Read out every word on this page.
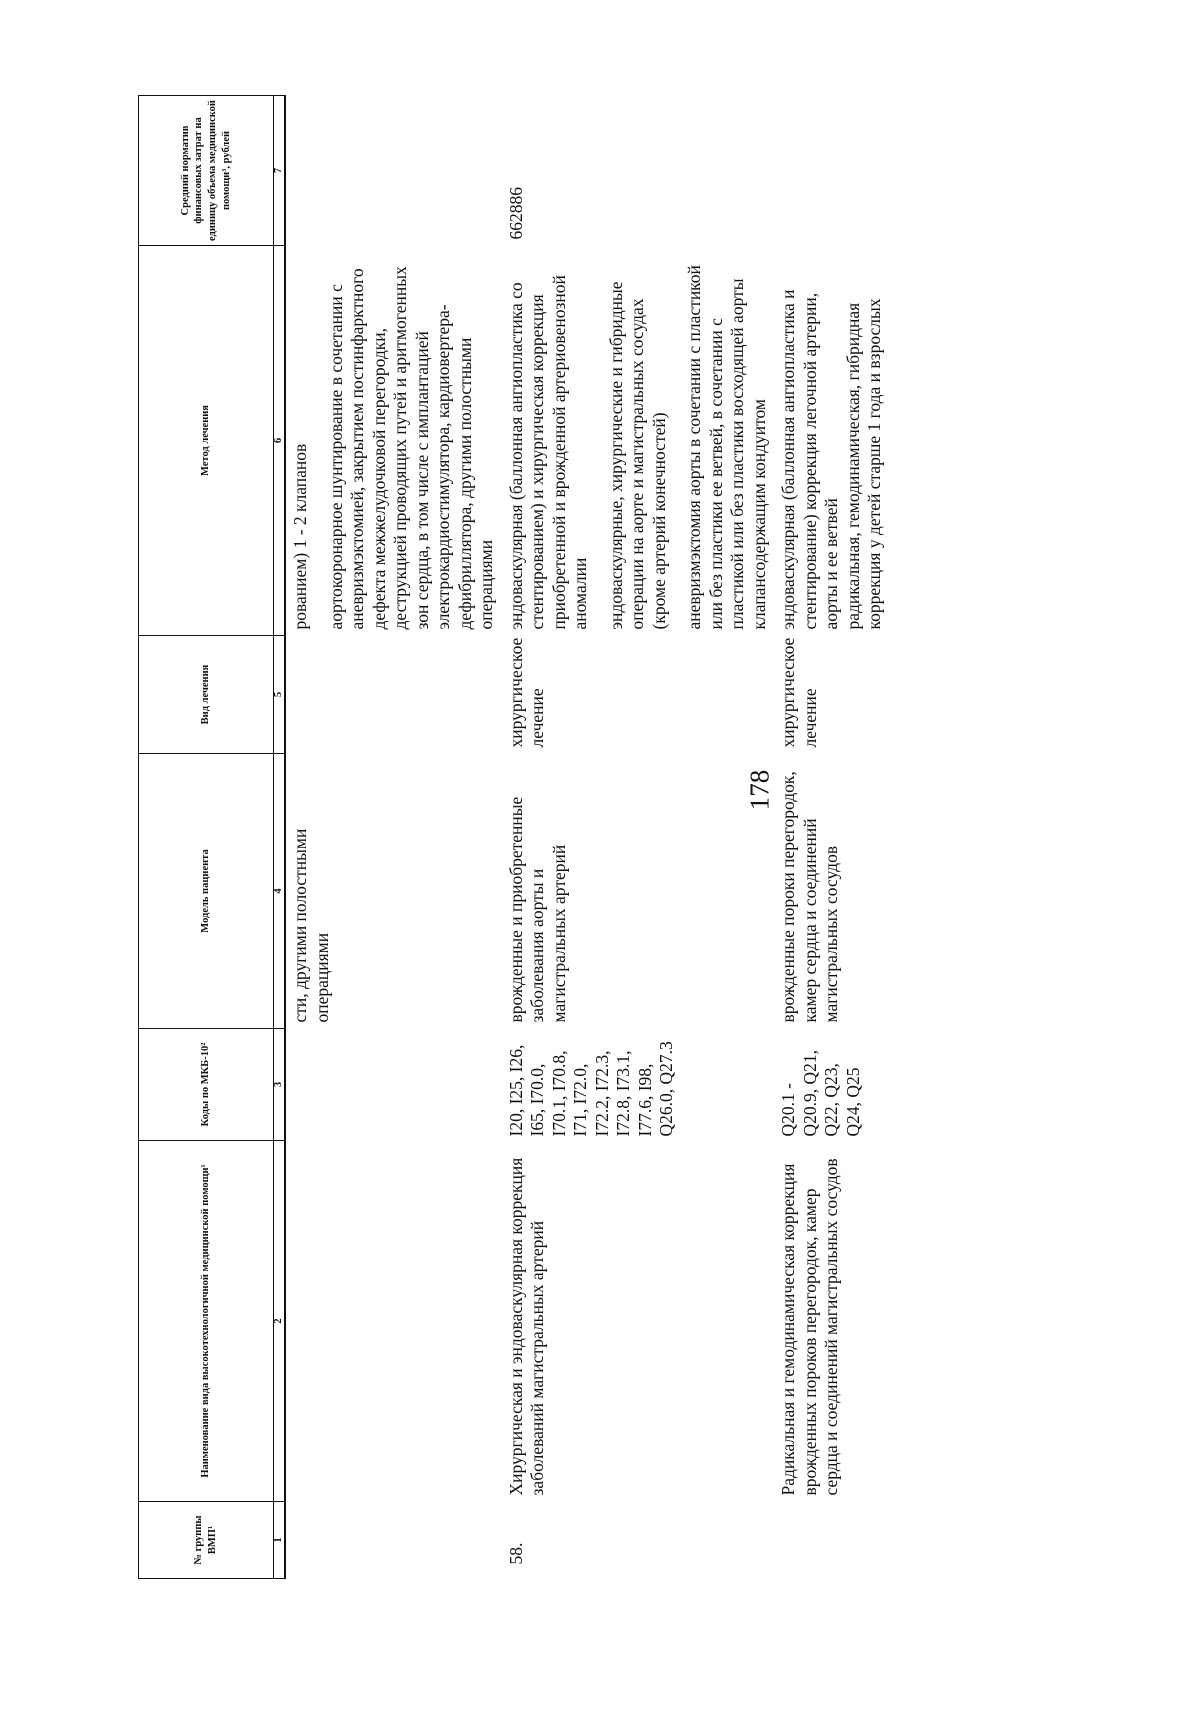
178
№ группы ВМП¹	Наименование вида высокотехнологичной медицинской помощи¹	Коды по МКБ-10²	Модель пациента	Вид лечения	Метод лечения	Средний норматив финансовых затрат на единицу объема медицинской помощи³, рублей
1	2	3	4	5	6	7

			сти, другими полостными операциями		рованием) 1 - 2 клапанов аортокоронарное шунтирование в сочетании с аневризмэктомией, закрытием постинфарктного дефекта межжелудочковой перегородки, деструкцией проводящих путей и аритмогенных зон сердца, в том числе с имплантацией электрокардиостимулятора, кардиовертера-дефибриллятора, другими полостными операциями	

58.	Хирургическая и эндоваскулярная коррекция заболеваний магистральных артерий	I20, I25, I26, I65, I70.0, I70.1, I70.8, I71, I72.0, I72.2, I72.3, I72.8, I73.1, I77.6, I98, Q26.0, Q27.3	врожденные и приобретенные заболевания аорты и магистральных артерий	хирургическое лечение	эндоваскулярная (баллонная ангиопластика со стентированием) и хирургическая коррекция приобретенной и врожденной артериовенозной аномалии эндоваскулярные, хирургические и гибридные операции на аорте и магистральных сосудах (кроме артерий конечностей) аневризмэктомия аорты в сочетании с пластикой или без пластики ее ветвей, в сочетании с пластикой или без пластики восходящей аорты клапансодержащим кондуитом	662886
	Радикальная и гемодинамическая коррекция врожденных пороков перегородок, камер сердца и соединений магистральных сосудов	Q20.1 - Q20.9, Q21, Q22, Q23, Q24, Q25	врожденные пороки перегородок, камер сердца и соединений магистральных сосудов	хирургическое лечение	эндоваскулярная (баллонная ангиопластика и стентирование) коррекция легочной артерии, аорты и ее ветвей радикальная, гемодинамическая, гибридная коррекция у детей старше 1 года и взрослых	
